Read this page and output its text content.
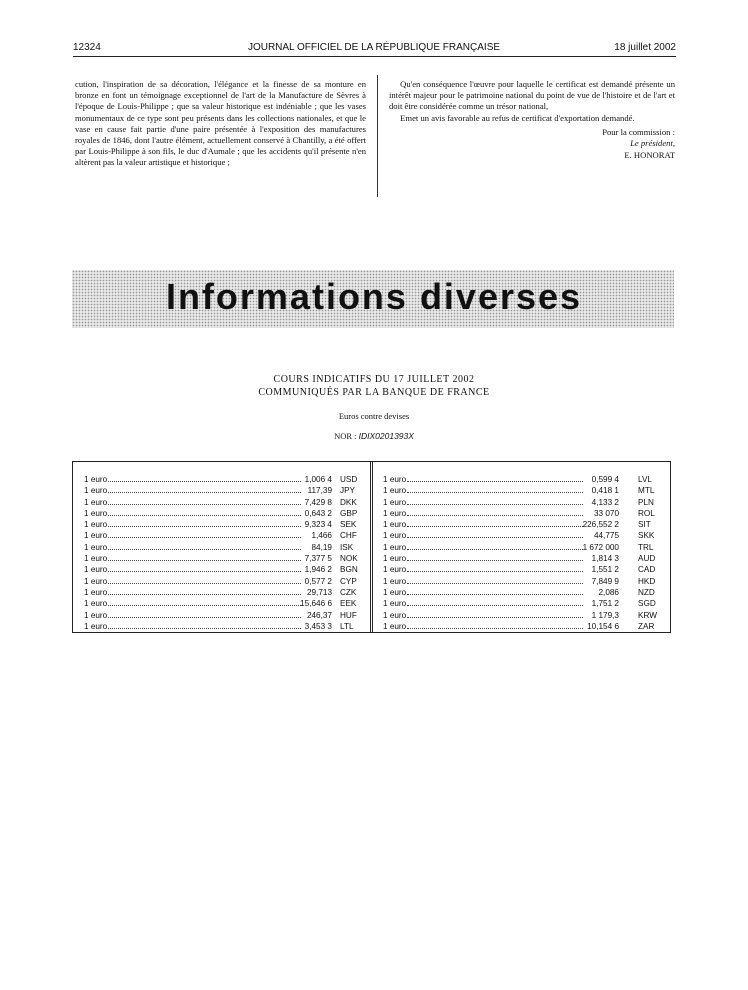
12324	JOURNAL OFFICIEL DE LA RÉPUBLIQUE FRANÇAISE	18 juillet 2002

cution, l'inspiration de sa décoration, l'élégance et la finesse de sa monture en bronze en font un témoignage exceptionnel de l'art de la Manufacture de Sèvres à l'époque de Louis-Philippe ; que sa valeur historique est indéniable ; que les vases monumentaux de ce type sont peu présents dans les collections nationales, et que le vase en cause fait partie d'une paire présentée à l'exposition des manufactures royales de 1846, dont l'autre élément, actuellement conservé à Chantilly, a été offert par Louis-Philippe à son fils, le duc d'Aumale ; que les accidents qu'il présente n'en altèrent pas la valeur artistique et historique ;

Qu'en conséquence l'œuvre pour laquelle le certificat est demandé présente un intérêt majeur pour le patrimoine national du point de vue de l'histoire et de l'art et doit être considérée comme un trésor national,

Emet un avis favorable au refus de certificat d'exportation demandé.

Pour la commission :
Le président,
E. HONORAT
Informations diverses
COURS INDICATIFS DU 17 JUILLET 2002
COMMUNIQUÉS PAR LA BANQUE DE FRANCE
Euros contre devises
NOR : IDIX0201393X
1 euro	1,006 4 USD
1 euro	117,39 JPY
1 euro	7,429 8 DKK
1 euro	0,643 2 GBP
1 euro	9,323 4 SEK
1 euro	1,466 CHF
1 euro	84,19 ISK
1 euro	7,377 5 NOK
1 euro	1,946 2 BGN
1 euro	0,577 2 CYP
1 euro	29,713 CZK
1 euro	15,646 6 EEK
1 euro	246,37 HUF
1 euro	3,453 3 LTL
1 euro	0,599 4 LVL
1 euro	0,418 1 MTL
1 euro	4,133 2 PLN
1 euro	33 070 ROL
1 euro	226,552 2 SIT
1 euro	44,775 SKK
1 euro	1 672 000 TRL
1 euro	1,814 3 AUD
1 euro	1,551 2 CAD
1 euro	7,849 9 HKD
1 euro	2,086 NZD
1 euro	1,751 2 SGD
1 euro	1 179,3 KRW
1 euro	10,154 6 ZAR
